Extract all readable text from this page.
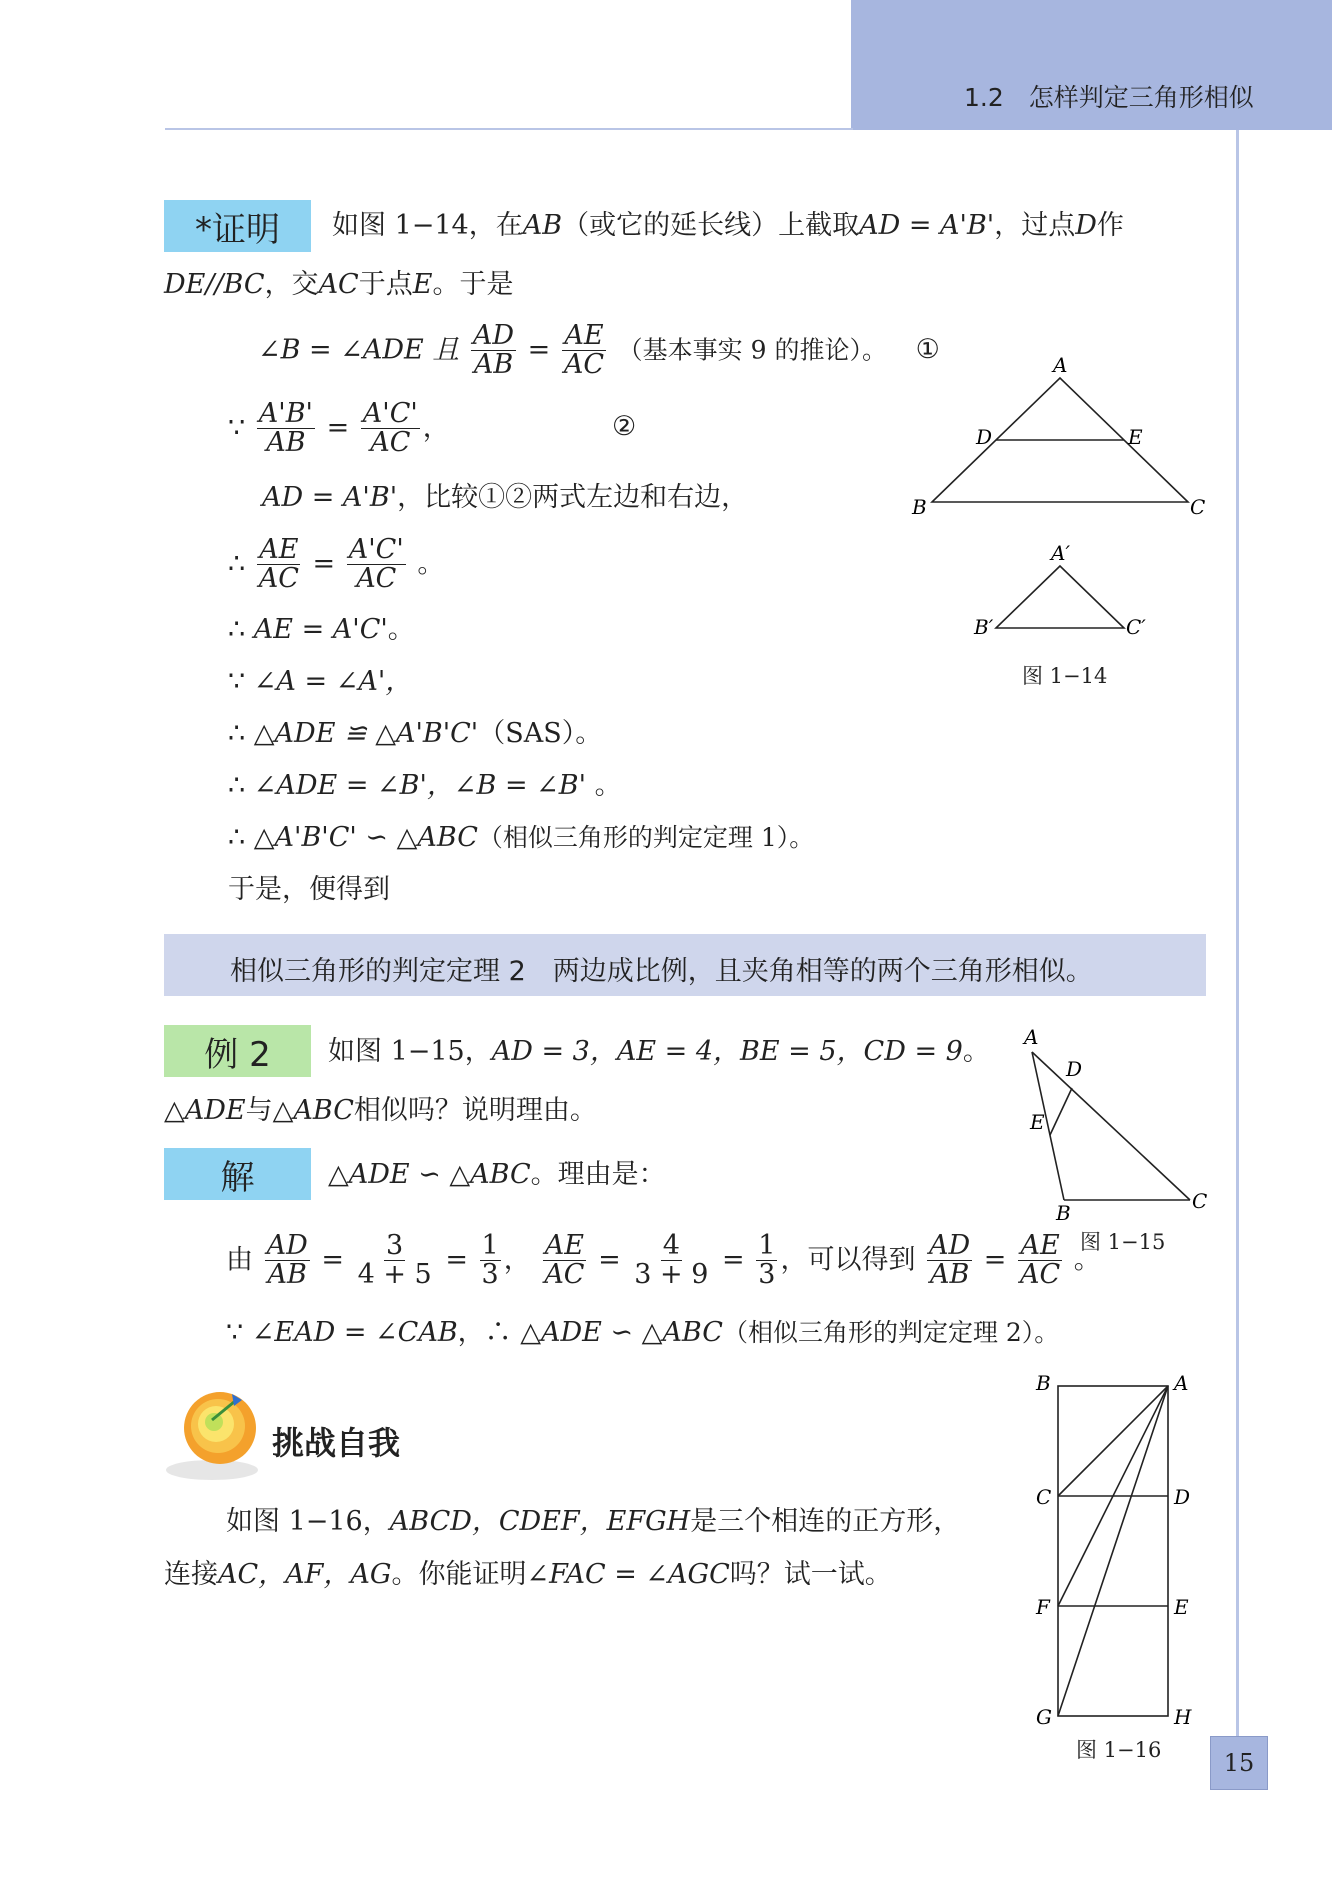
1.2　怎样判定三角形相似
*证明	如图 1−14，在AB（或它的延长线）上截取AD = A'B'，过点D作
DE//BC，交AC于点E。于是
∠B = ∠ADE 且 $\frac{AD}{AB} = \frac{AE}{AC}$ （基本事实 9 的推论）。 ①
∵ $\frac{A'B'}{AB} = \frac{A'C'}{AC}$ ，	②
AD = A'B'，比较①②两式左边和右边，
∴ $\frac{AE}{AC} = \frac{A'C'}{AC}$ 。
∴ AE = A'C'。
∵ ∠A = ∠A'，
∴ △ADE ≌ △A'B'C'（SAS）。
∴ ∠ADE = ∠B'，∠B = ∠B' 。
∴ △A'B'C' ∽ △ABC（相似三角形的判定定理 1）。
于是，便得到
A
B	C
D	E
A′
B′	C′
图 1−14
相似三角形的判定定理 2　两边成比例，且夹角相等的两个三角形相似。
例 2	如图 1−15，AD = 3，AE = 4，BE = 5，CD = 9。
△ADE与△ABC相似吗？说明理由。
解	△ADE ∽ △ABC。理由是：
由 $\frac{AD}{AB} = \frac{3}{4 + 5} = \frac{1}{3}$ ， $\frac{AE}{AC} = \frac{4}{3 + 9} = \frac{1}{3}$ ，可以得到 $\frac{AD}{AB} = \frac{AE}{AC}$ 。
∵ ∠EAD = ∠CAB，∴ △ADE ∽ △ABC（相似三角形的判定定理 2）。
A
D
E
B	C
图 1−15
挑战自我
如图 1−16，ABCD，CDEF，EFGH是三个相连的正方形，
连接AC，AF，AG。你能证明∠FAC = ∠AGC吗？试一试。
B	A
C	D
F	E
G	H
图 1−16	15
